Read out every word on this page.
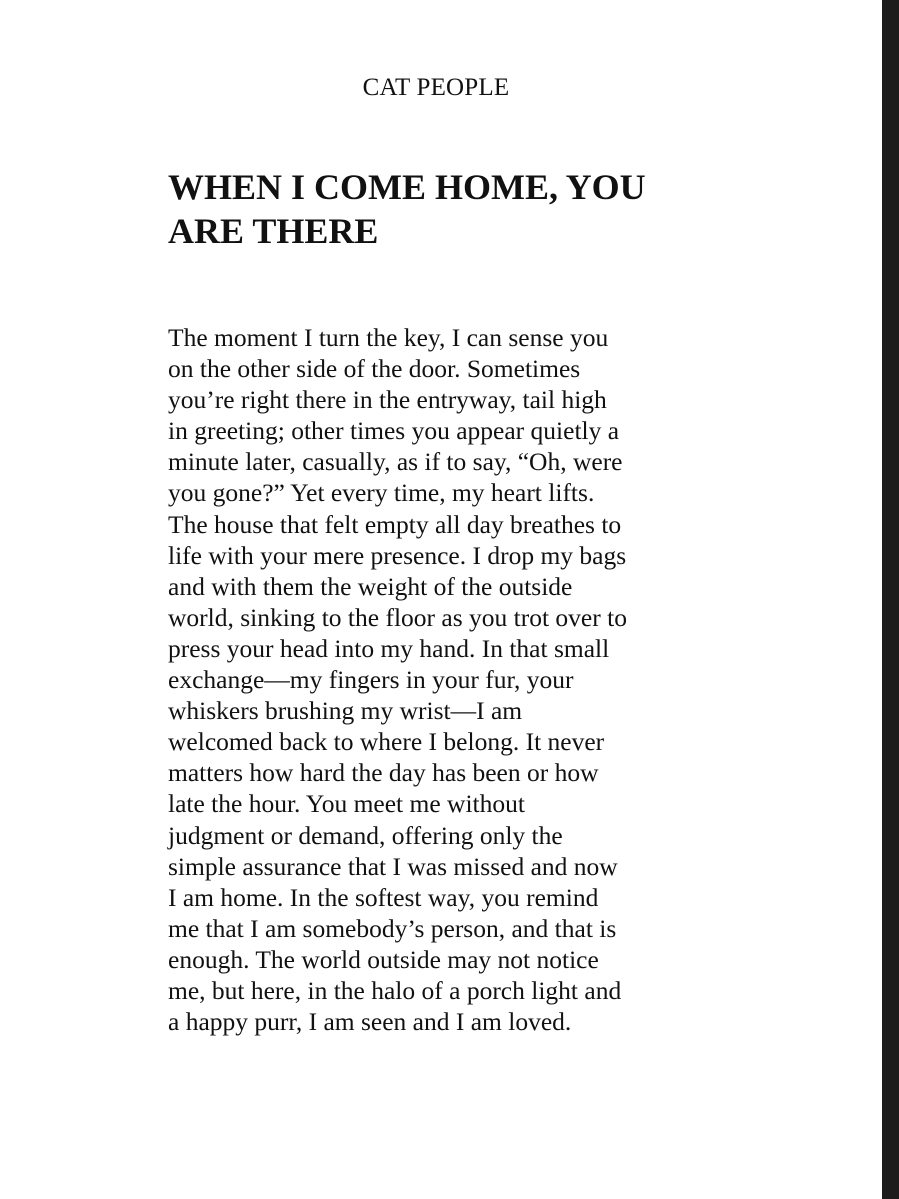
CAT PEOPLE
WHEN I COME HOME, YOU
ARE THERE

The moment I turn the key, I can sense you
on the other side of the door. Sometimes
you’re right there in the entryway, tail high
in greeting; other times you appear quietly a
minute later, casually, as if to say, “Oh, were
you gone?” Yet every time, my heart lifts.
The house that felt empty all day breathes to
life with your mere presence. I drop my bags
and with them the weight of the outside
world, sinking to the floor as you trot over to
press your head into my hand. In that small
exchange—my fingers in your fur, your
whiskers brushing my wrist—I am
welcomed back to where I belong. It never
matters how hard the day has been or how
late the hour. You meet me without
judgment or demand, offering only the
simple assurance that I was missed and now
I am home. In the softest way, you remind
me that I am somebody’s person, and that is
enough. The world outside may not notice
me, but here, in the halo of a porch light and
a happy purr, I am seen and I am loved.
